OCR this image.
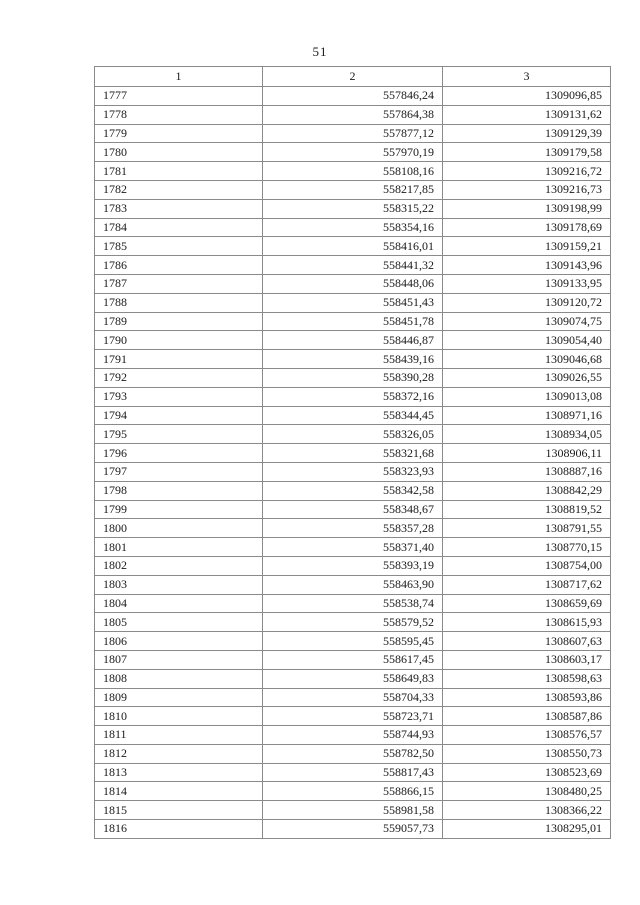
51
1	2	3
1777	557846,24	1309096,85
1778	557864,38	1309131,62
1779	557877,12	1309129,39
1780	557970,19	1309179,58
1781	558108,16	1309216,72
1782	558217,85	1309216,73
1783	558315,22	1309198,99
1784	558354,16	1309178,69
1785	558416,01	1309159,21
1786	558441,32	1309143,96
1787	558448,06	1309133,95
1788	558451,43	1309120,72
1789	558451,78	1309074,75
1790	558446,87	1309054,40
1791	558439,16	1309046,68
1792	558390,28	1309026,55
1793	558372,16	1309013,08
1794	558344,45	1308971,16
1795	558326,05	1308934,05
1796	558321,68	1308906,11
1797	558323,93	1308887,16
1798	558342,58	1308842,29
1799	558348,67	1308819,52
1800	558357,28	1308791,55
1801	558371,40	1308770,15
1802	558393,19	1308754,00
1803	558463,90	1308717,62
1804	558538,74	1308659,69
1805	558579,52	1308615,93
1806	558595,45	1308607,63
1807	558617,45	1308603,17
1808	558649,83	1308598,63
1809	558704,33	1308593,86
1810	558723,71	1308587,86
1811	558744,93	1308576,57
1812	558782,50	1308550,73
1813	558817,43	1308523,69
1814	558866,15	1308480,25
1815	558981,58	1308366,22
1816	559057,73	1308295,01
